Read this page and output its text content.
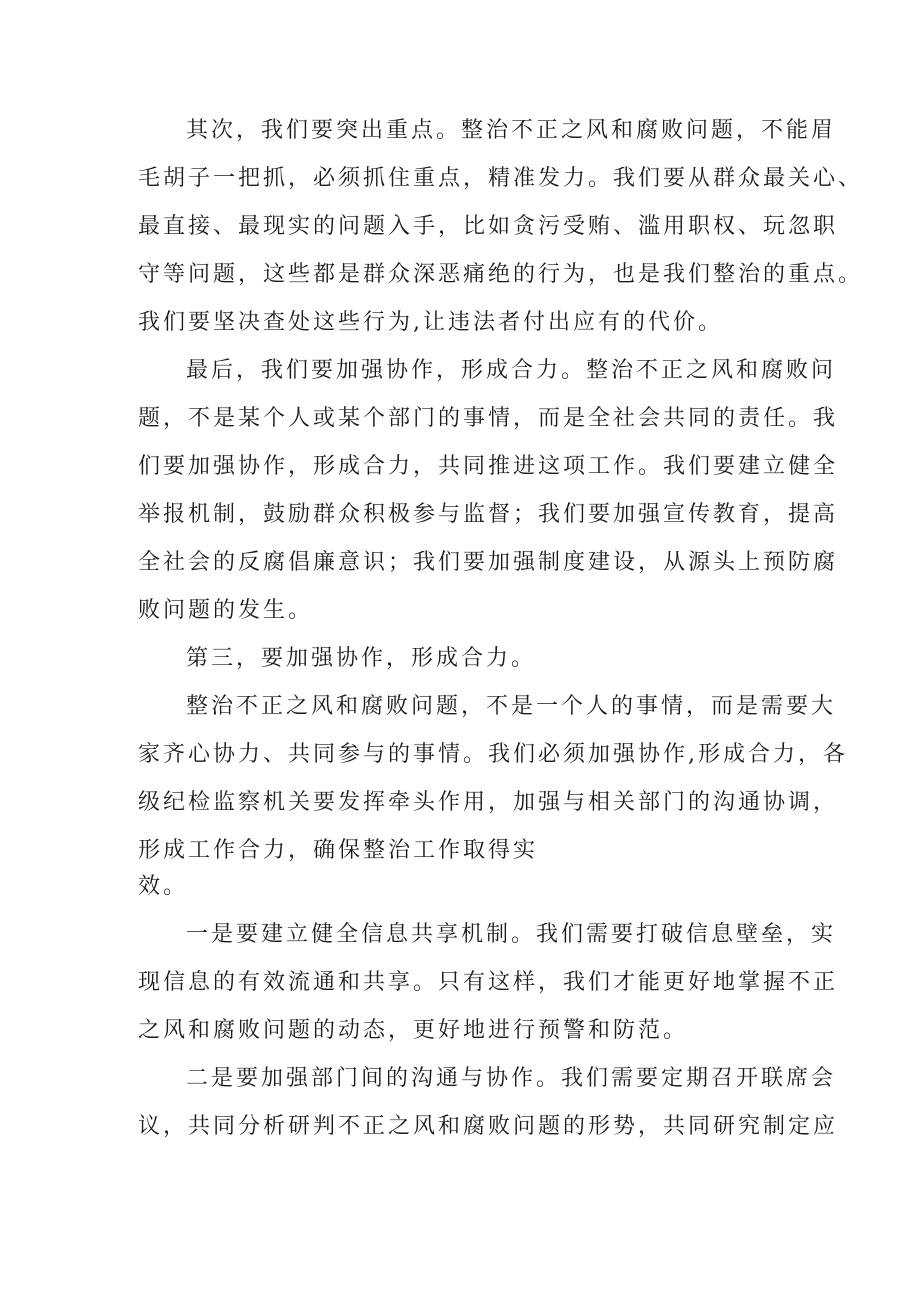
其次，我们要突出重点。整治不正之风和腐败问题，不能眉

毛胡子一把抓，必须抓住重点，精准发力。我们要从群众最关心、

最直接、最现实的问题入手，比如贪污受贿、滥用职权、玩忽职

守等问题，这些都是群众深恶痛绝的行为，也是我们整治的重点。

我们要坚决查处这些行为,让违法者付出应有的代价。

最后，我们要加强协作，形成合力。整治不正之风和腐败问

题，不是某个人或某个部门的事情，而是全社会共同的责任。我

们要加强协作，形成合力，共同推进这项工作。我们要建立健全

举报机制，鼓励群众积极参与监督；我们要加强宣传教育，提高

全社会的反腐倡廉意识；我们要加强制度建设，从源头上预防腐

败问题的发生。

第三，要加强协作，形成合力。

整治不正之风和腐败问题，不是一个人的事情，而是需要大

家齐心协力、共同参与的事情。我们必须加强协作,形成合力，各

级纪检监察机关要发挥牵头作用，加强与相关部门的沟通协调，

形成工作合力，确保整治工作取得实

效。

一是要建立健全信息共享机制。我们需要打破信息壁垒，实

现信息的有效流通和共享。只有这样，我们才能更好地掌握不正

之风和腐败问题的动态，更好地进行预警和防范。

二是要加强部门间的沟通与协作。我们需要定期召开联席会

议，共同分析研判不正之风和腐败问题的形势，共同研究制定应
